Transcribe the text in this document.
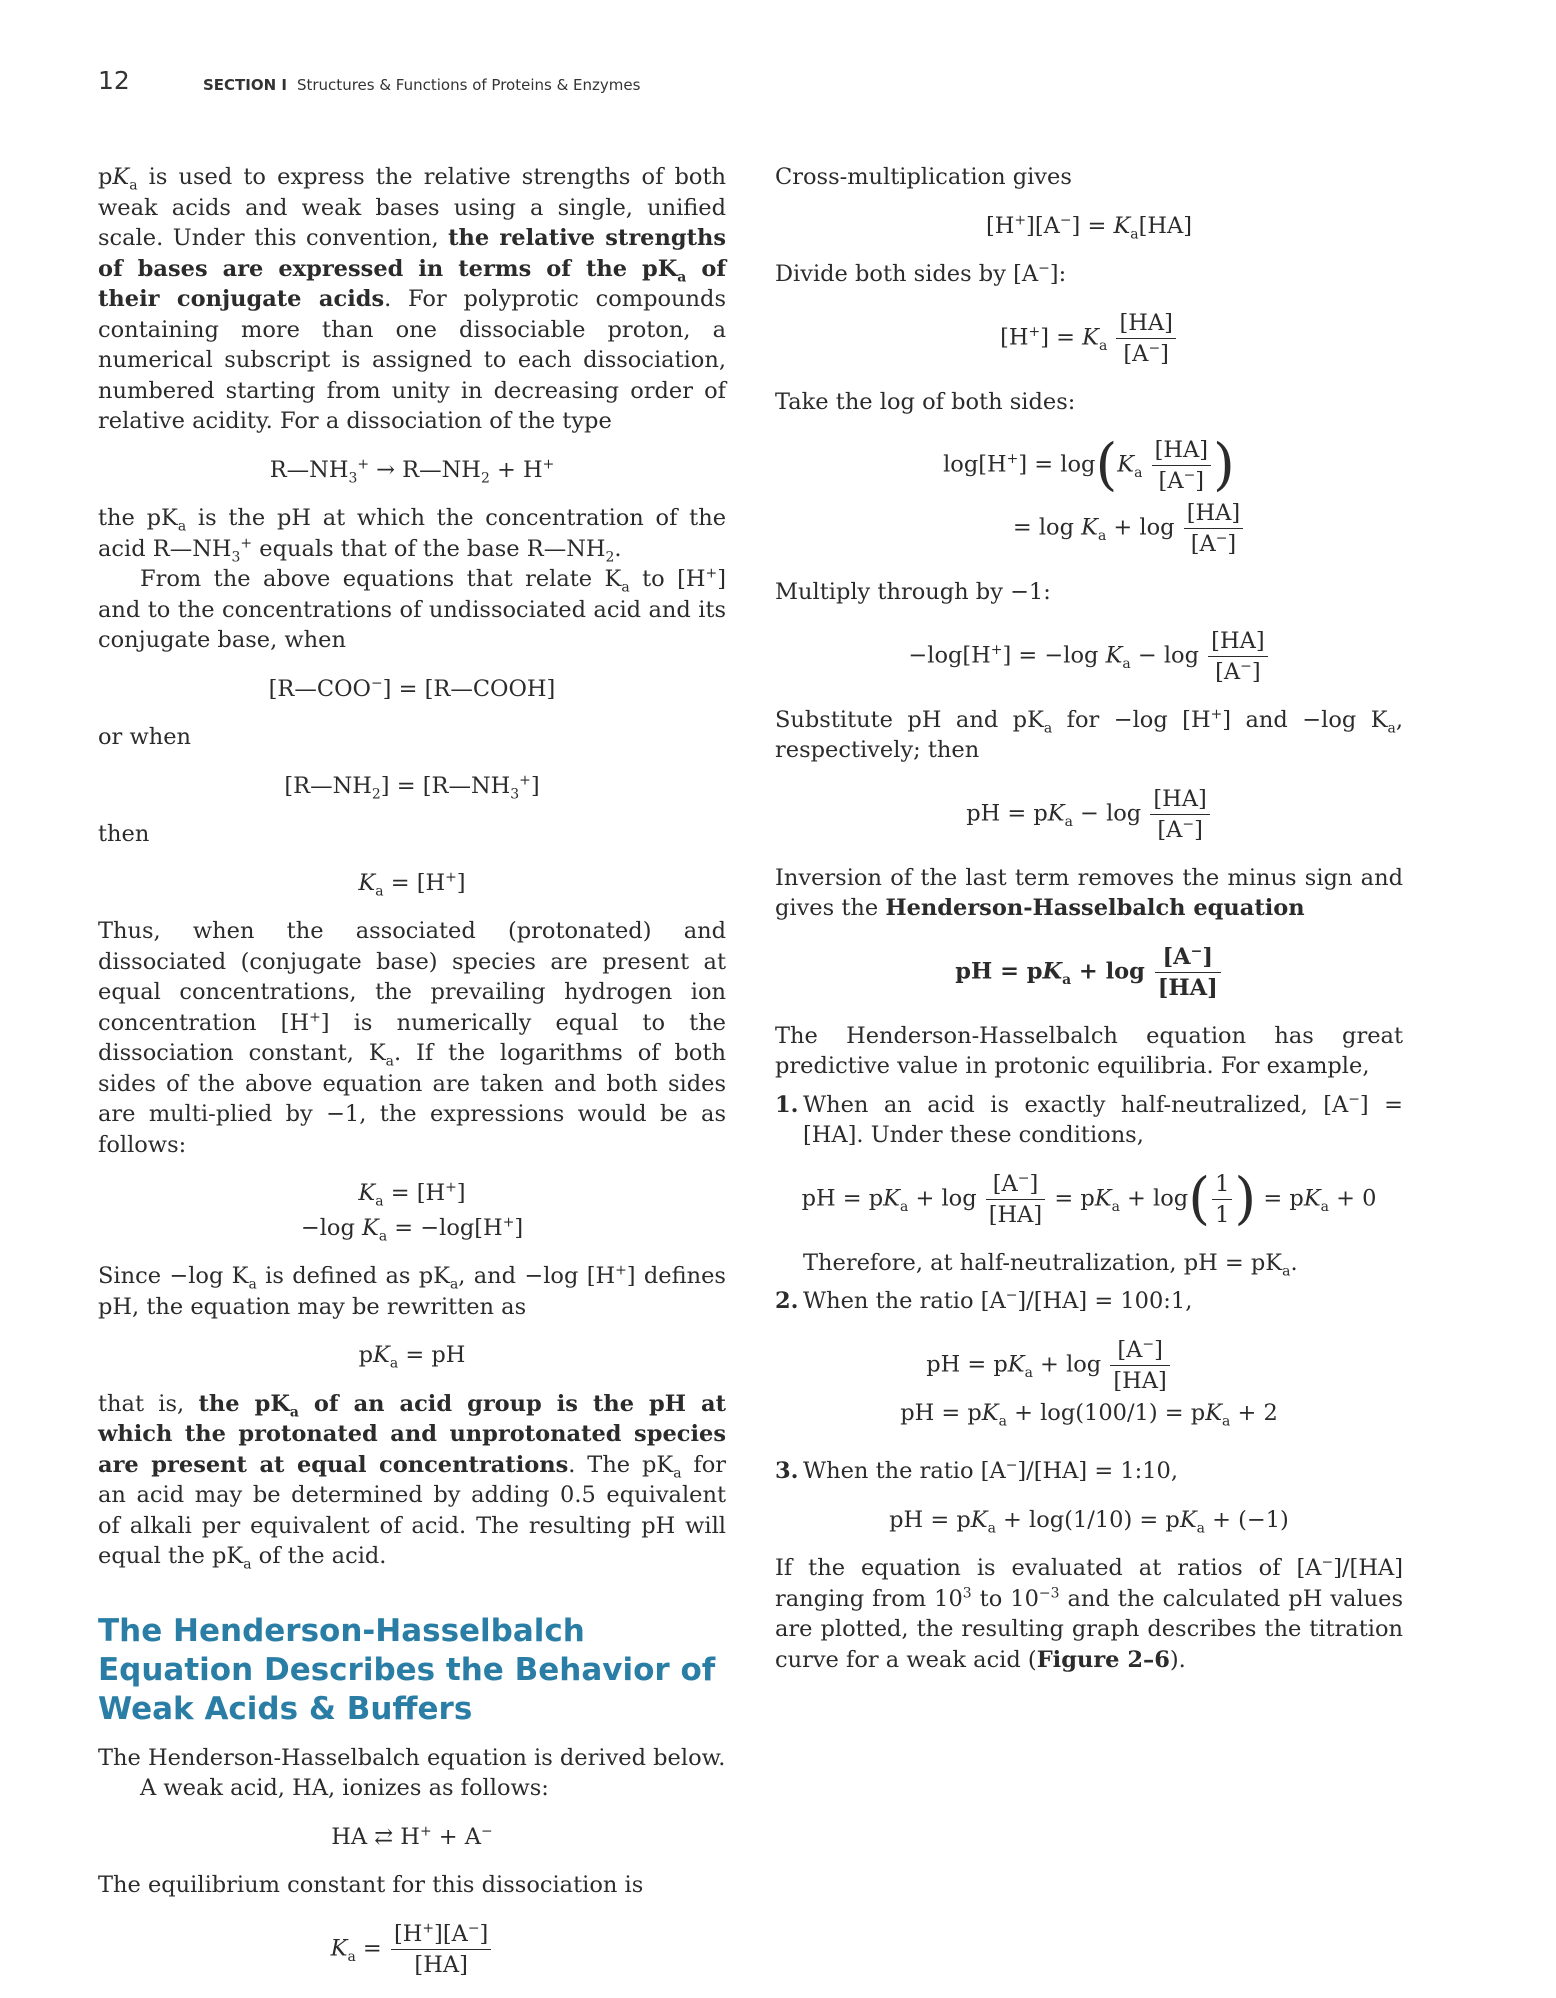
12	SECTION I Structures & Functions of Proteins & Enzymes

$pK_a$ is used to express the relative strengths of both weak acids and weak bases using a single, unified scale. Under this convention, the relative strengths of bases are expressed in terms of the $pK_a$ of their conjugate acids. For polyprotic compounds containing more than one dissociable proton, a numerical subscript is assigned to each dissociation, numbered starting from unity in decreasing order of relative acidity. For a dissociation of the type

$R—NH_3^+$ → $R—NH_2 + H^+$

the $pK_a$ is the pH at which the concentration of the acid $R—NH_3^+$ equals that of the base $R—NH_2$.

From the above equations that relate $K_a$ to [H+] and to the concentrations of undissociated acid and its conjugate base, when

[R—COO−] = [R—COOH]

or when

$[R—NH_2]$ = $[R—NH_3^+]$

then

$K_a = [H^+]$

Thus, when the associated (protonated) and dissociated (conjugate base) species are present at equal concentrations, the prevailing hydrogen ion concentration [H+] is numerically equal to the dissociation constant, $K_a$. If the logarithms of both sides of the above equation are taken and both sides are multi-plied by −1, the expressions would be as follows:

$K_a = [H^+]$
−log $K_a = -\log[H^+]$

Since −log $K_a$ is defined as $pK_a$, and −log [H+] defines pH, the equation may be rewritten as

$pK_a$ = pH

that is, the $pK_a$ of an acid group is the pH at which the protonated and unprotonated species are present at equal concentrations. The $pK_a$ for an acid may be determined by adding 0.5 equivalent of alkali per equivalent of acid. The resulting pH will equal the $pK_a$ of the acid.

The Henderson-Hasselbalch Equation Describes the Behavior of Weak Acids & Buffers

The Henderson-Hasselbalch equation is derived below.

A weak acid, HA, ionizes as follows:

HA ⇄ H+ + A−

The equilibrium constant for this dissociation is

$K_a = \frac{[H^+][A^-]}{[HA]}$

Cross-multiplication gives

$[H^+][A^-] = K_a[HA]$

Divide both sides by [A−]:

$[H^+] = K_a \frac{[HA]}{[A^-]}$

Take the log of both sides:

$\log[H^+] = \log(K_a \frac{[HA]}{[A^-]}$ )
= $\log K_a + \log \frac{[HA]}{[A^-]}$

Multiply through by −1:

−log[H+] = −log $K_a - \log \frac{[HA]}{[A^-]}$

Substitute pH and $pK_a$ for −log [H+] and −log $K_a$, respectively; then

pH = $pK_a - \log \frac{[HA]}{[A^-]}$

Inversion of the last term removes the minus sign and gives the Henderson-Hasselbalch equation

pH = $pK_a + \log \frac{[A^-]}{[HA]}$

The Henderson-Hasselbalch equation has great predictive value in protonic equilibria. For example,

1. When an acid is exactly half-neutralized, [A−] = [HA]. Under these conditions,

pH = $pK_a + \log \frac{[A^-]}{[HA]} = pK_a + \log( \frac{1}{1}$ ) = $pK_a + 0$

Therefore, at half-neutralization, pH = $pK_a$.

2. When the ratio [A−]/[HA] = 100:1,

pH = $pK_a + \log \frac{[A^-]}{[HA]}$
pH = $pK_a + \log(100/1) = pK_a + 2$

3. When the ratio [A−]/[HA] = 1:10,

pH = $pK_a + \log(1/10) = pK_a + (-1)$

If the equation is evaluated at ratios of [A−]/[HA] ranging from $10^3$ to $10^{-3}$ and the calculated pH values are plotted, the resulting graph describes the titration curve for a weak acid (Figure 2–6).
